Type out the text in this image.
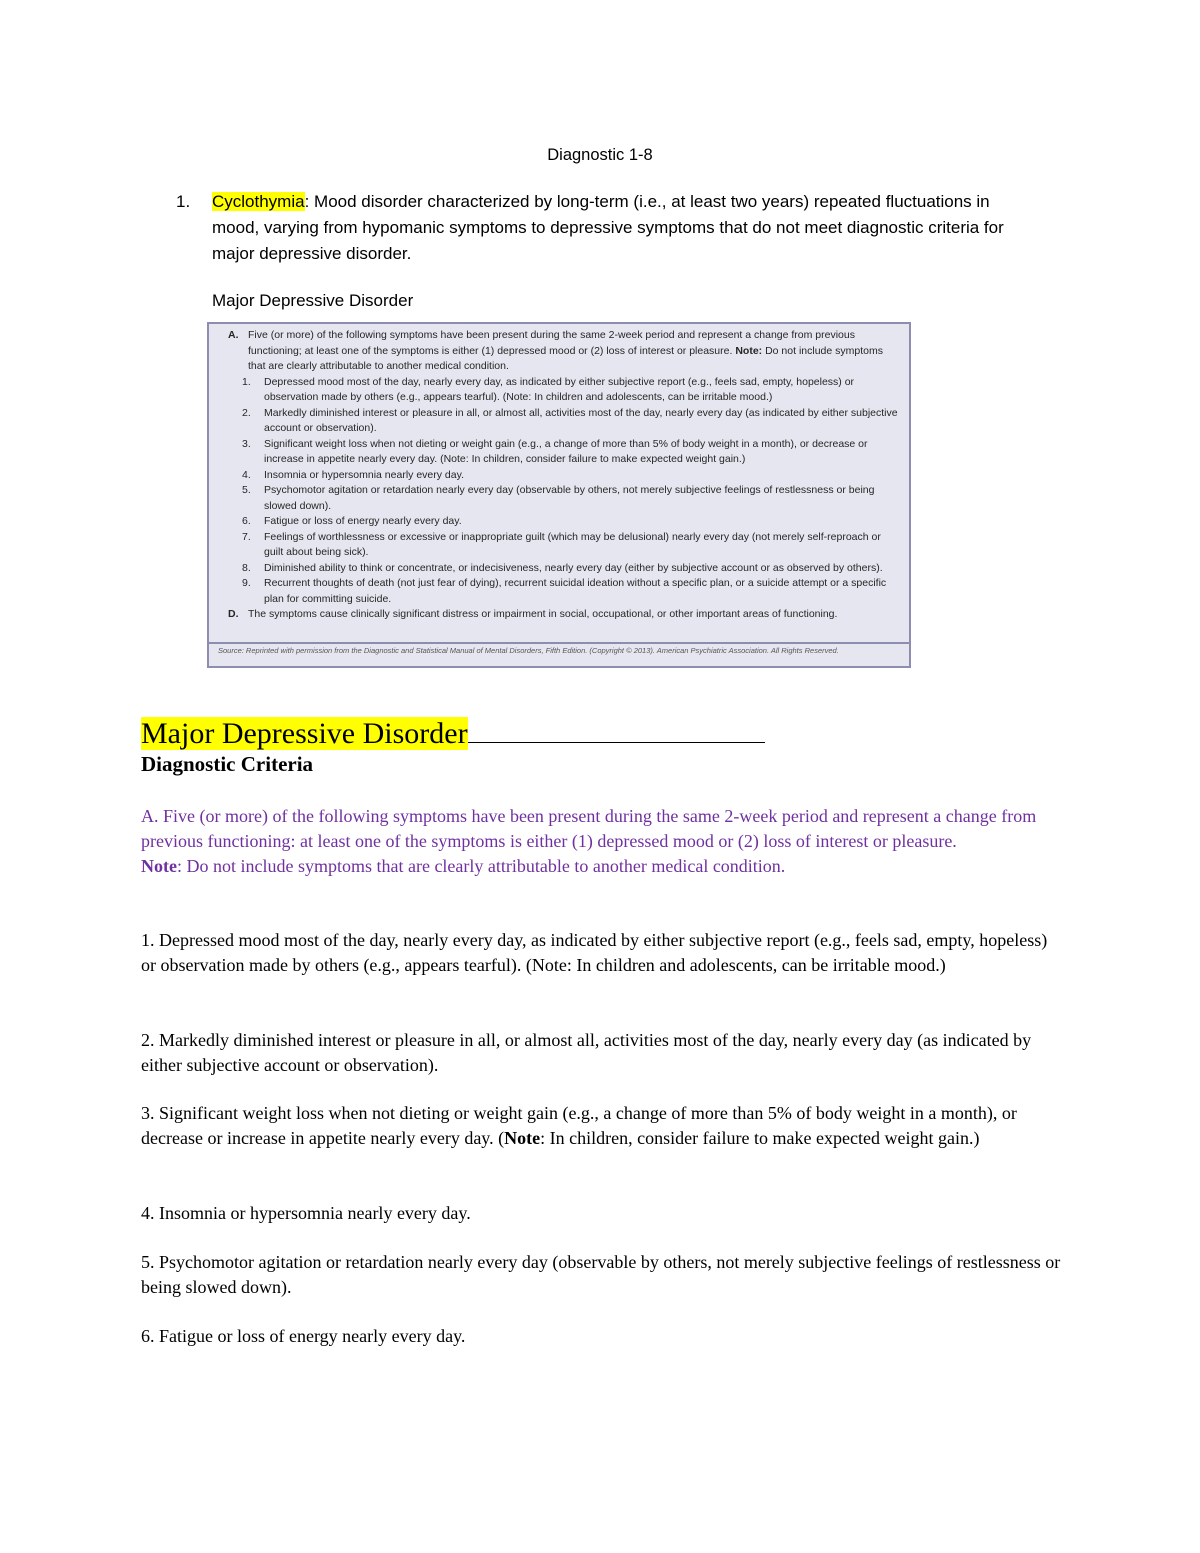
Diagnostic 1-8
1. Cyclothymia: Mood disorder characterized by long-term (i.e., at least two years) repeated fluctuations in mood, varying from hypomanic symptoms to depressive symptoms that do not meet diagnostic criteria for major depressive disorder.
Major Depressive Disorder
A. Five (or more) of the following symptoms have been present during the same 2-week period and represent a change from previous functioning; at least one of the symptoms is either (1) depressed mood or (2) loss of interest or pleasure. Note: Do not include symptoms that are clearly attributable to another medical condition.
1. Depressed mood most of the day, nearly every day, as indicated by either subjective report (e.g., feels sad, empty, hopeless) or observation made by others (e.g., appears tearful). (Note: In children and adolescents, can be irritable mood.)
2. Markedly diminished interest or pleasure in all, or almost all, activities most of the day, nearly every day (as indicated by either subjective account or observation).
3. Significant weight loss when not dieting or weight gain (e.g., a change of more than 5% of body weight in a month), or decrease or increase in appetite nearly every day. (Note: In children, consider failure to make expected weight gain.)
4. Insomnia or hypersomnia nearly every day.
5. Psychomotor agitation or retardation nearly every day (observable by others, not merely subjective feelings of restlessness or being slowed down).
6. Fatigue or loss of energy nearly every day.
7. Feelings of worthlessness or excessive or inappropriate guilt (which may be delusional) nearly every day (not merely self-reproach or guilt about being sick).
8. Diminished ability to think or concentrate, or indecisiveness, nearly every day (either by subjective account or as observed by others).
9. Recurrent thoughts of death (not just fear of dying), recurrent suicidal ideation without a specific plan, or a suicide attempt or a specific plan for committing suicide.
D. The symptoms cause clinically significant distress or impairment in social, occupational, or other important areas of functioning.
Source: Reprinted with permission from the Diagnostic and Statistical Manual of Mental Disorders, Fifth Edition. (Copyright © 2013). American Psychiatric Association. All Rights Reserved.
Major Depressive Disorder
Diagnostic Criteria
A. Five (or more) of the following symptoms have been present during the same 2-week period and represent a change from previous functioning: at least one of the symptoms is either (1) depressed mood or (2) loss of interest or pleasure.
Note: Do not include symptoms that are clearly attributable to another medical condition.
1. Depressed mood most of the day, nearly every day, as indicated by either subjective report (e.g., feels sad, empty, hopeless) or observation made by others (e.g., appears tearful). (Note: In children and adolescents, can be irritable mood.)
2. Markedly diminished interest or pleasure in all, or almost all, activities most of the day, nearly every day (as indicated by either subjective account or observation).
3. Significant weight loss when not dieting or weight gain (e.g., a change of more than 5% of body weight in a month), or decrease or increase in appetite nearly every day. (Note: In children, consider failure to make expected weight gain.)
4. Insomnia or hypersomnia nearly every day.
5. Psychomotor agitation or retardation nearly every day (observable by others, not merely subjective feelings of restlessness or being slowed down).
6. Fatigue or loss of energy nearly every day.
